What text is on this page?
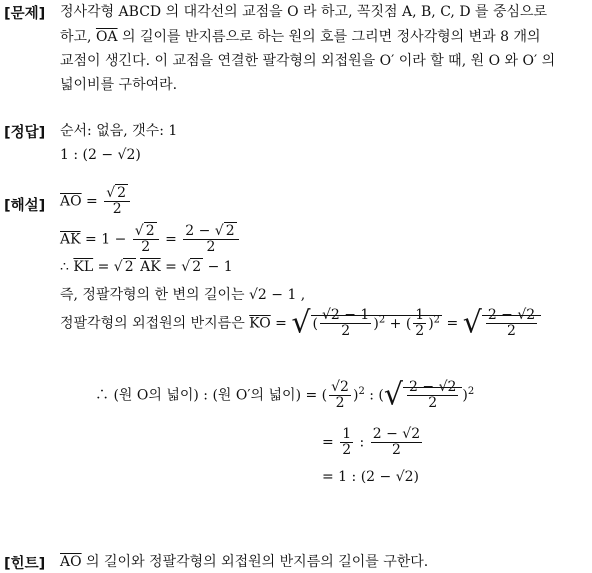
[문제] 정사각형 ABCD 의 대각선의 교점을 O 라 하고, 꼭짓점 A, B, C, D 를 중심으로
하고, $\overline{OA}$ 의 길이를 반지름으로 하는 원의 호를 그리면 정사각형의 변과 8 개의
교점이 생긴다. 이 교점을 연결한 팔각형의 외접원을 O′ 이라 할 때, 원 O 와 O′ 의
넓이비를 구하여라.
[정답] 순서: 없음, 갯수: 1
1 : (2 − √2)
[해설] $\overline{AO} = \frac{√ 2}{2}$
$\overline{AK} = 1 - \frac{√ 2}{2} = \frac{2 - √ 2}{2}$
∴ $\overline{KL}$ = √ 2 $\overline{AK}$ = √ 2 − 1
즉, 정팔각형의 한 변의 길이는 √2 − 1 ,
정팔각형의 외접원의 반지름은 $\overline{KO}$ = √ ( $\frac{√2 - 1}{2} )^2$ + ( $\frac{1}{2} )^2$ = √ $\frac{2 - √2}{2}$
∴ (원 O의 넓이) : (원 O′의 넓이) = ( $\frac{√2}{2} )^2$ : (√ $\frac{2 - √2}{2} )^2$
= $\frac{1}{2}$ : $\frac{2 - √2}{2}$
= 1 : (2 − √2)
[힌트] $\overline{AO}$ 의 길이와 정팔각형의 외접원의 반지름의 길이를 구한다.
